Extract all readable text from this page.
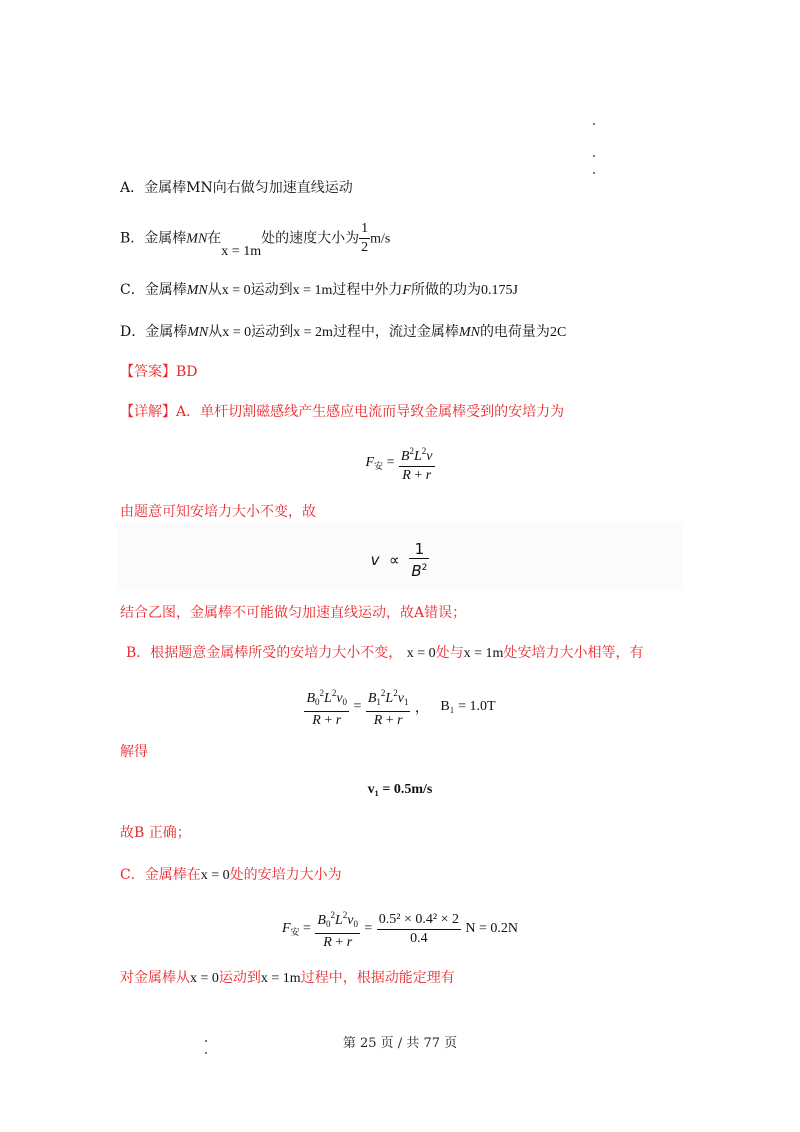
A．金属棒MN向右做匀加速直线运动
B．金属棒MN在x = 1m处的速度大小为 $\frac{1}{2} m/s$
C．金属棒MN从x = 0运动到x = 1m过程中外力F所做的功为0.175J
D．金属棒MN从x = 0运动到x = 2m过程中，流过金属棒MN的电荷量为2C
【答案】BD
【详解】A．单杆切割磁感线产生感应电流而导致金属棒受到的安培力为
$F_安 = \frac{B^2L^2v}{R + r}$
由题意可知安培力大小不变，故
$v \propto \frac{1}{B^2}$
结合乙图，金属棒不可能做匀加速直线运动，故A错误；
B．根据题意金属棒所受的安培力大小不变， x = 0处与x = 1m处安培力大小相等，有
$\frac{B_0^2L^2v_0}{R + r} = \frac{B_1^2L^2v_1}{R + r}$ ，   B₁ = 1.0T
解得
v₁ = 0.5m/s
故B 正确；
C．金属棒在x = 0处的安培力大小为
$F_安 = \frac{B_0^2L^2v_0}{R + r} = \frac{\text{0.5² × 0.4² × 2}}{0.4}$ N = 0.2N
对金属棒从x = 0运动到x = 1m过程中，根据动能定理有
第 25 页 / 共 77 页
